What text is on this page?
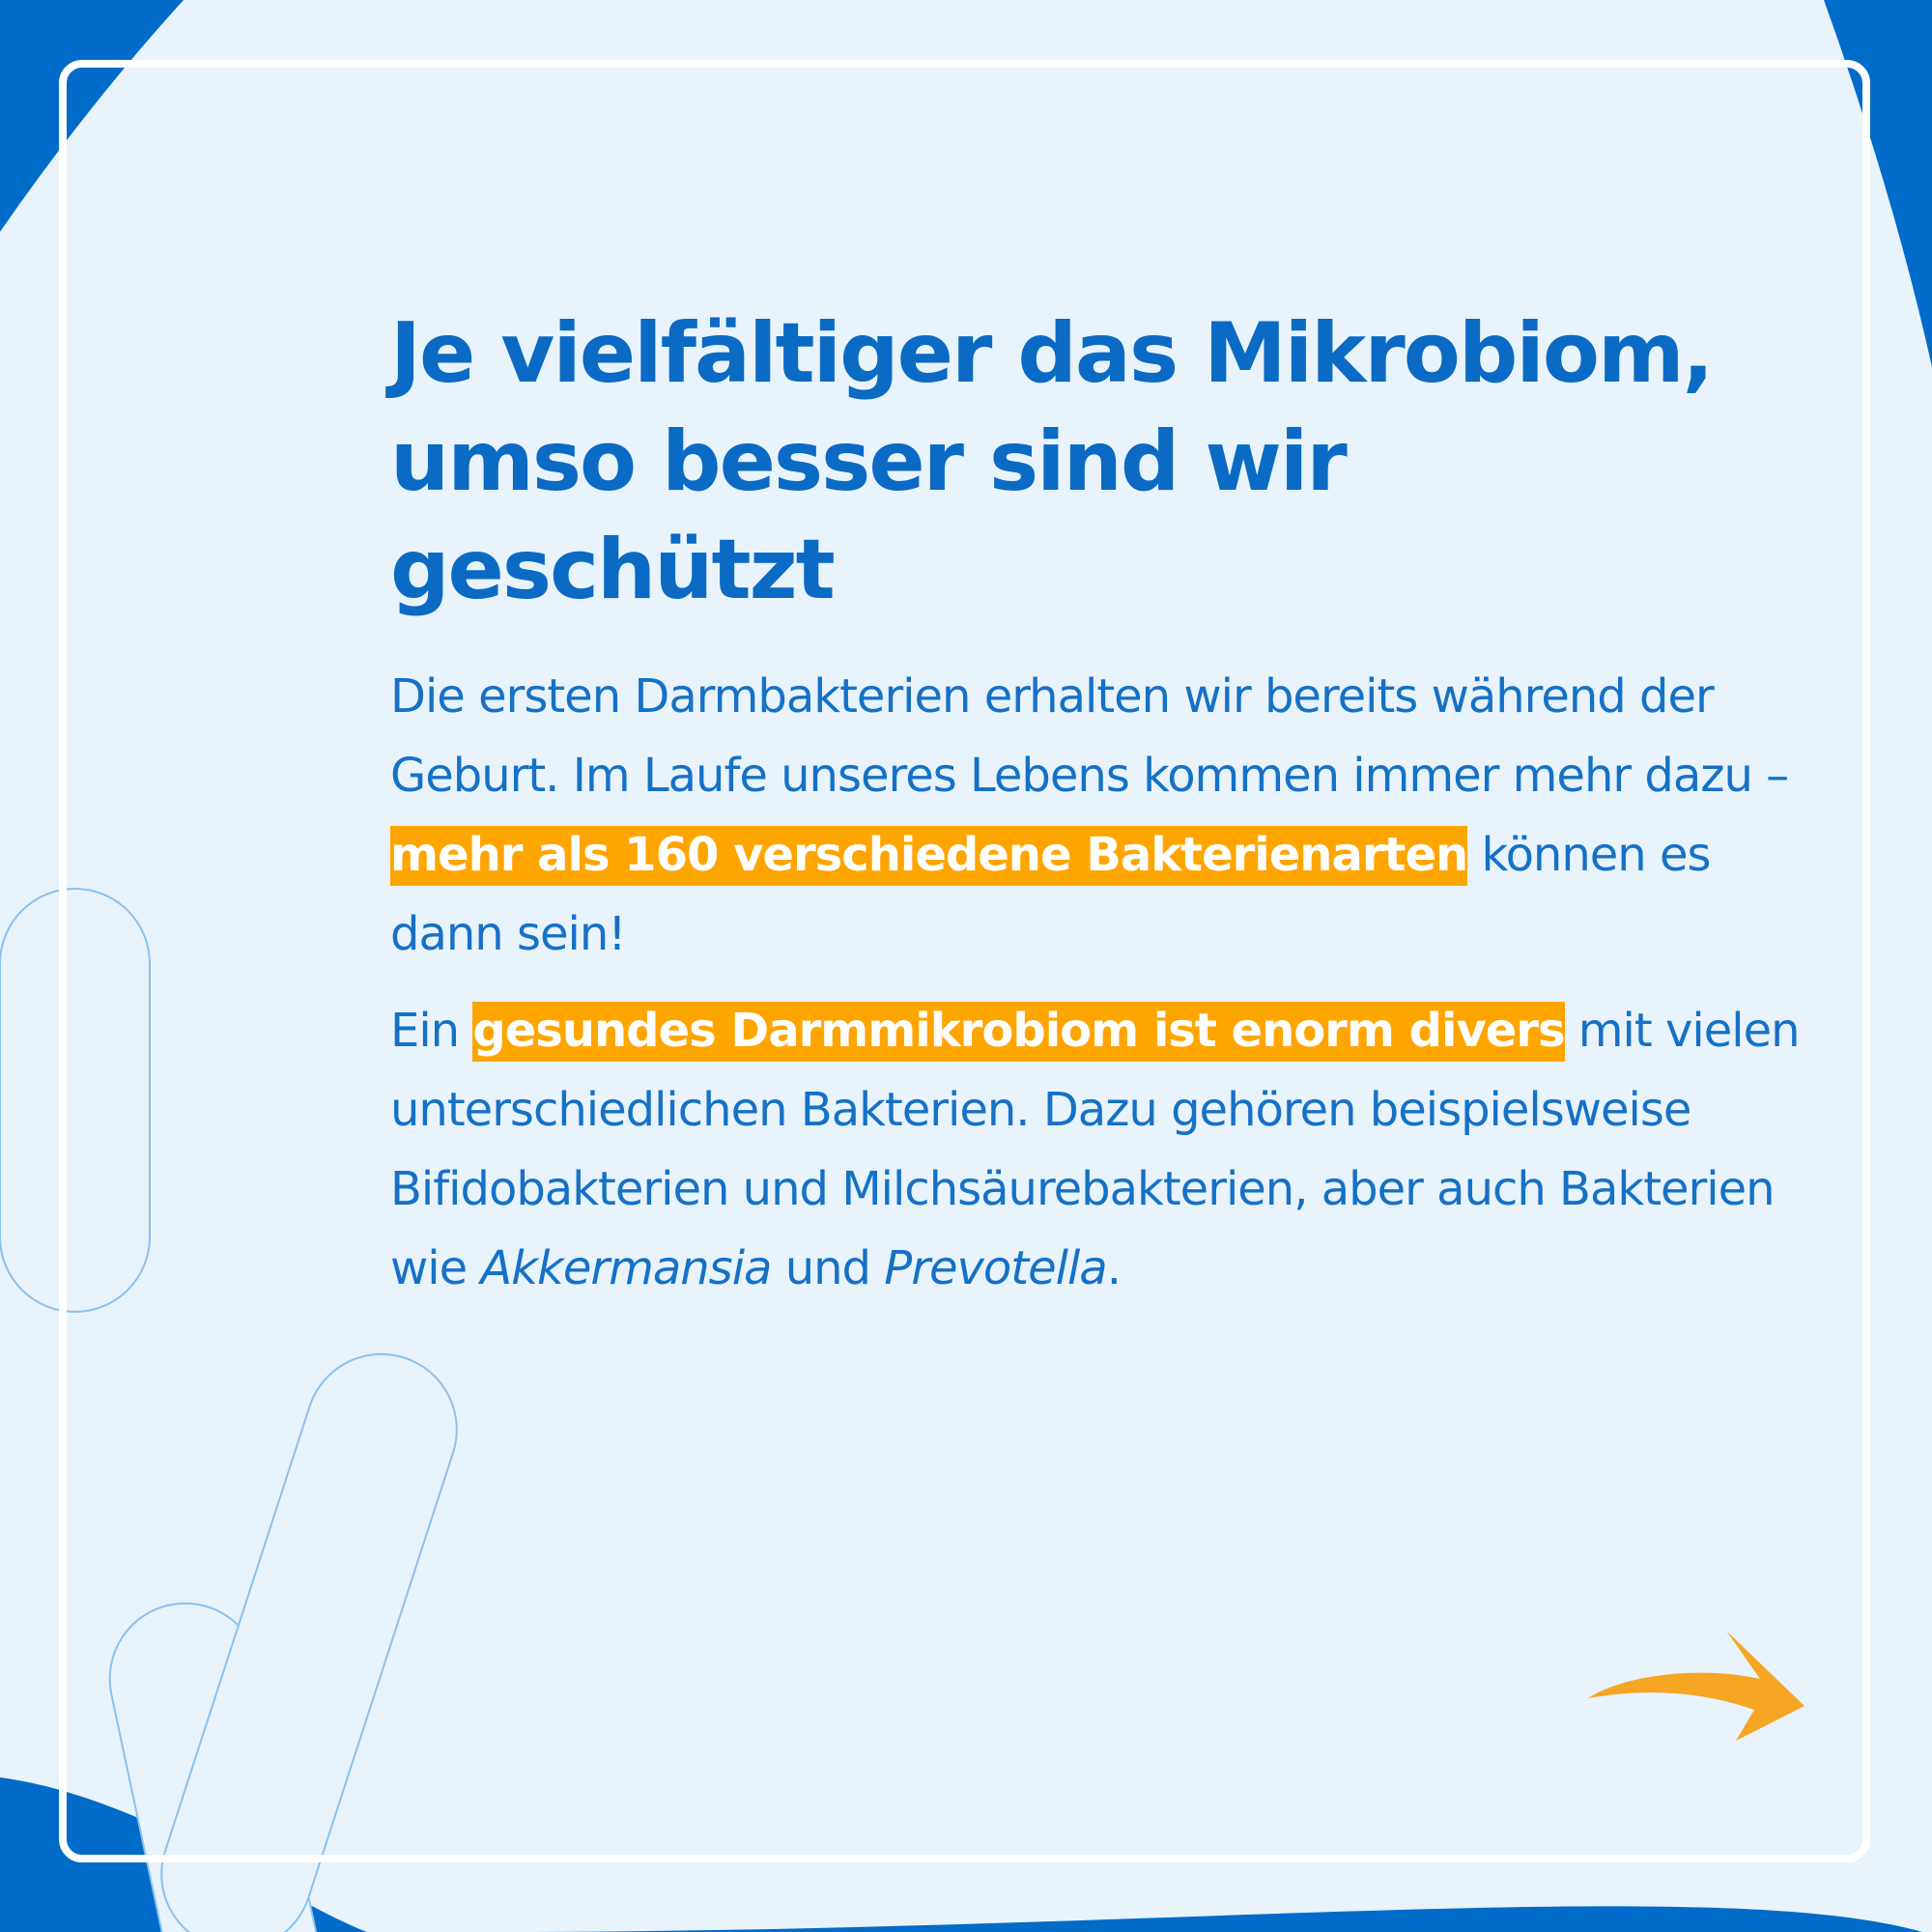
Je vielfältiger das Mikrobiom,
umso besser sind wir geschützt

Die ersten Darmbakterien erhalten wir bereits während der Geburt. Im Laufe unseres Lebens kommen immer mehr dazu – mehr als 160 verschiedene Bakterienarten können es dann sein!

Ein gesundes Darmmikrobiom ist enorm divers mit vielen unterschiedlichen Bakterien. Dazu gehören beispielsweise Bifidobakterien und Milchsäurebakterien, aber auch Bakterien wie Akkermansia und Prevotella.
